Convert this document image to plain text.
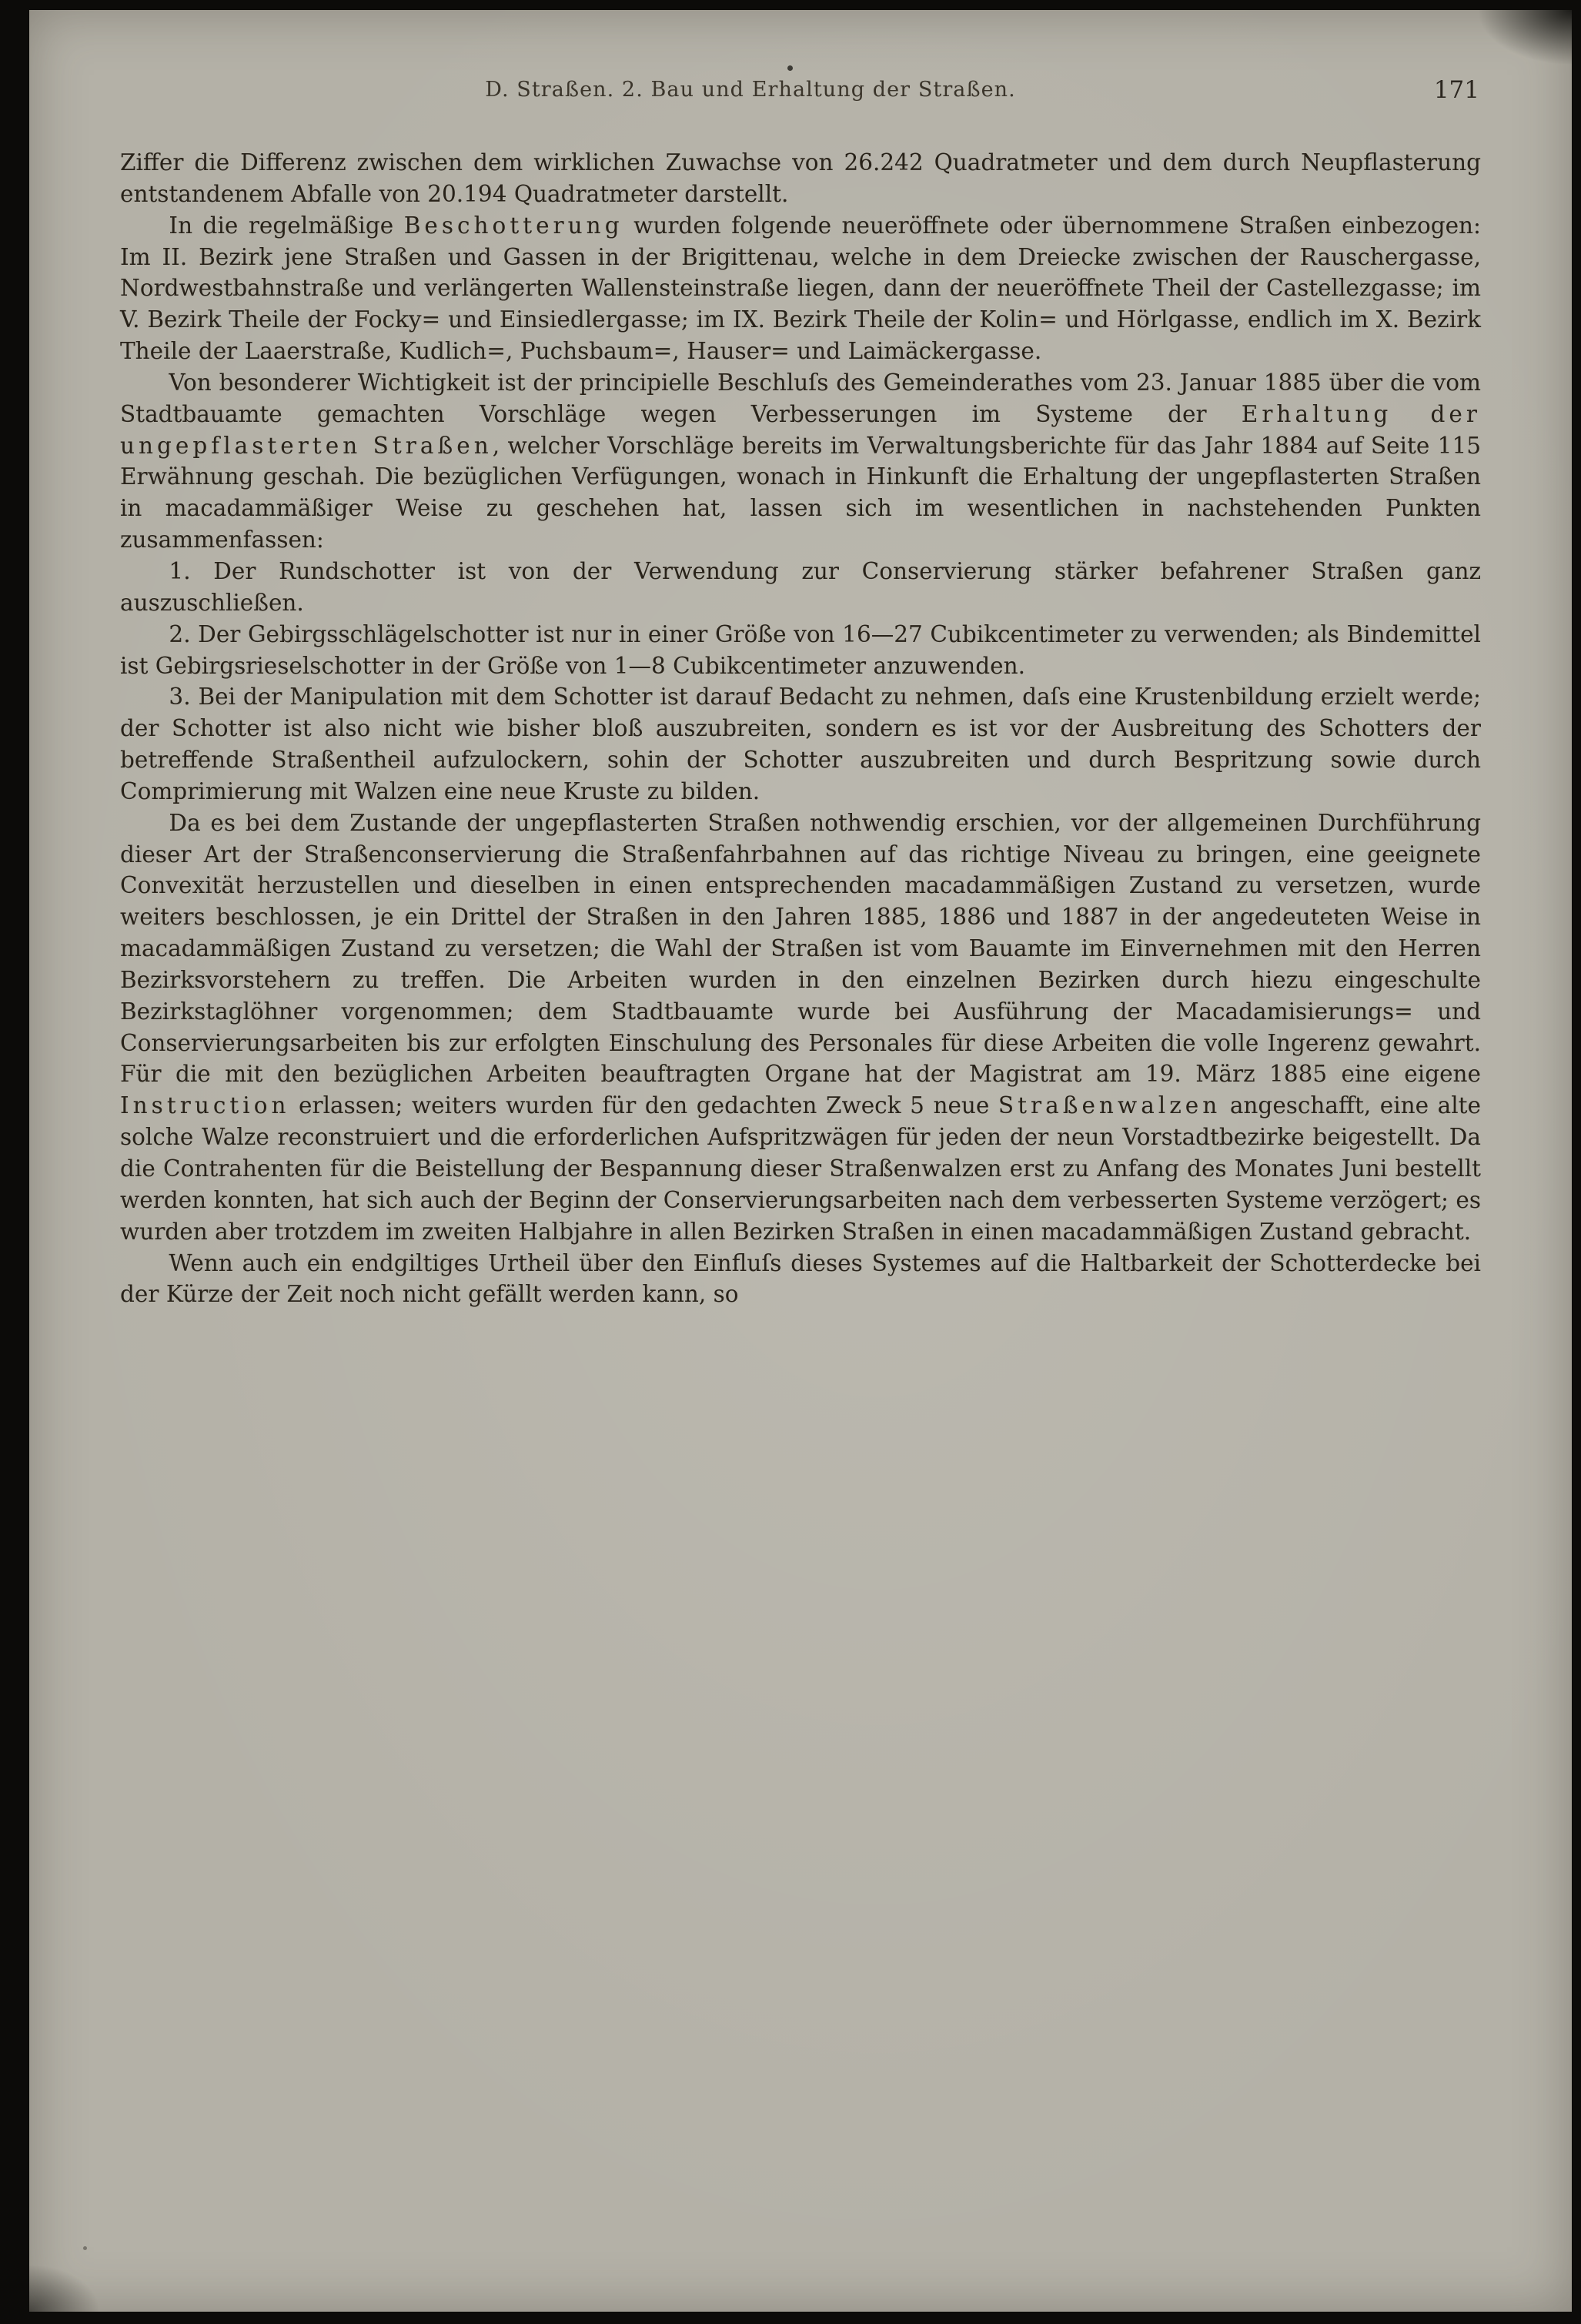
D. Straßen. 2. Bau und Erhaltung der Straßen.	171

Ziffer die Differenz zwischen dem wirklichen Zuwachse von 26.242 Quadratmeter und dem durch Neupflasterung entstandenem Abfalle von 20.194 Quadratmeter darstellt.

In die regelmäßige Beschotterung wurden folgende neueröffnete oder übernommene Straßen einbezogen: Im II. Bezirk jene Straßen und Gassen in der Brigittenau, welche in dem Dreiecke zwischen der Rauschergasse, Nordwestbahnstraße und verlängerten Wallensteinstraße liegen, dann der neueröffnete Theil der Castellezgasse; im V. Bezirk Theile der Focky= und Einsiedlergasse; im IX. Bezirk Theile der Kolin= und Hörlgasse, endlich im X. Bezirk Theile der Laaerstraße, Kudlich=, Puchsbaum=, Hauser= und Laimäckergasse.

Von besonderer Wichtigkeit ist der principielle Beschluſs des Gemeinderathes vom 23. Januar 1885 über die vom Stadtbauamte gemachten Vorschläge wegen Verbesserungen im Systeme der Erhaltung der ungepflasterten Straßen, welcher Vorschläge bereits im Verwaltungsberichte für das Jahr 1884 auf Seite 115 Erwähnung geschah. Die bezüglichen Verfügungen, wonach in Hinkunft die Erhaltung der ungepflasterten Straßen in macadammäßiger Weise zu geschehen hat, lassen sich im wesentlichen in nachstehenden Punkten zusammenfassen:

1. Der Rundschotter ist von der Verwendung zur Conservierung stärker befahrener Straßen ganz auszuschließen.

2. Der Gebirgsschlägelschotter ist nur in einer Größe von 16—27 Cubikcentimeter zu verwenden; als Bindemittel ist Gebirgsrieselschotter in der Größe von 1—8 Cubikcentimeter anzuwenden.

3. Bei der Manipulation mit dem Schotter ist darauf Bedacht zu nehmen, daſs eine Krustenbildung erzielt werde; der Schotter ist also nicht wie bisher bloß auszubreiten, sondern es ist vor der Ausbreitung des Schotters der betreffende Straßentheil aufzulockern, sohin der Schotter auszubreiten und durch Bespritzung sowie durch Comprimierung mit Walzen eine neue Kruste zu bilden.

Da es bei dem Zustande der ungepflasterten Straßen nothwendig erschien, vor der allgemeinen Durchführung dieser Art der Straßenconservierung die Straßenfahrbahnen auf das richtige Niveau zu bringen, eine geeignete Convexität herzustellen und dieselben in einen entsprechenden macadammäßigen Zustand zu versetzen, wurde weiters beschlossen, je ein Drittel der Straßen in den Jahren 1885, 1886 und 1887 in der angedeuteten Weise in macadammäßigen Zustand zu versetzen; die Wahl der Straßen ist vom Bauamte im Einvernehmen mit den Herren Bezirksvorstehern zu treffen. Die Arbeiten wurden in den einzelnen Bezirken durch hiezu eingeschulte Bezirkstaglöhner vorgenommen; dem Stadtbauamte wurde bei Ausführung der Macadamisierungs= und Conservierungsarbeiten bis zur erfolgten Einschulung des Personales für diese Arbeiten die volle Ingerenz gewahrt. Für die mit den bezüglichen Arbeiten beauftragten Organe hat der Magistrat am 19. März 1885 eine eigene Instruction erlassen; weiters wurden für den gedachten Zweck 5 neue Straßenwalzen angeschafft, eine alte solche Walze reconstruiert und die erforderlichen Aufspritzwägen für jeden der neun Vorstadtbezirke beigestellt. Da die Contrahenten für die Beistellung der Bespannung dieser Straßenwalzen erst zu Anfang des Monates Juni bestellt werden konnten, hat sich auch der Beginn der Conservierungsarbeiten nach dem verbesserten Systeme verzögert; es wurden aber trotzdem im zweiten Halbjahre in allen Bezirken Straßen in einen macadammäßigen Zustand gebracht.

Wenn auch ein endgiltiges Urtheil über den Einfluſs dieses Systemes auf die Haltbarkeit der Schotterdecke bei der Kürze der Zeit noch nicht gefällt werden kann, so
